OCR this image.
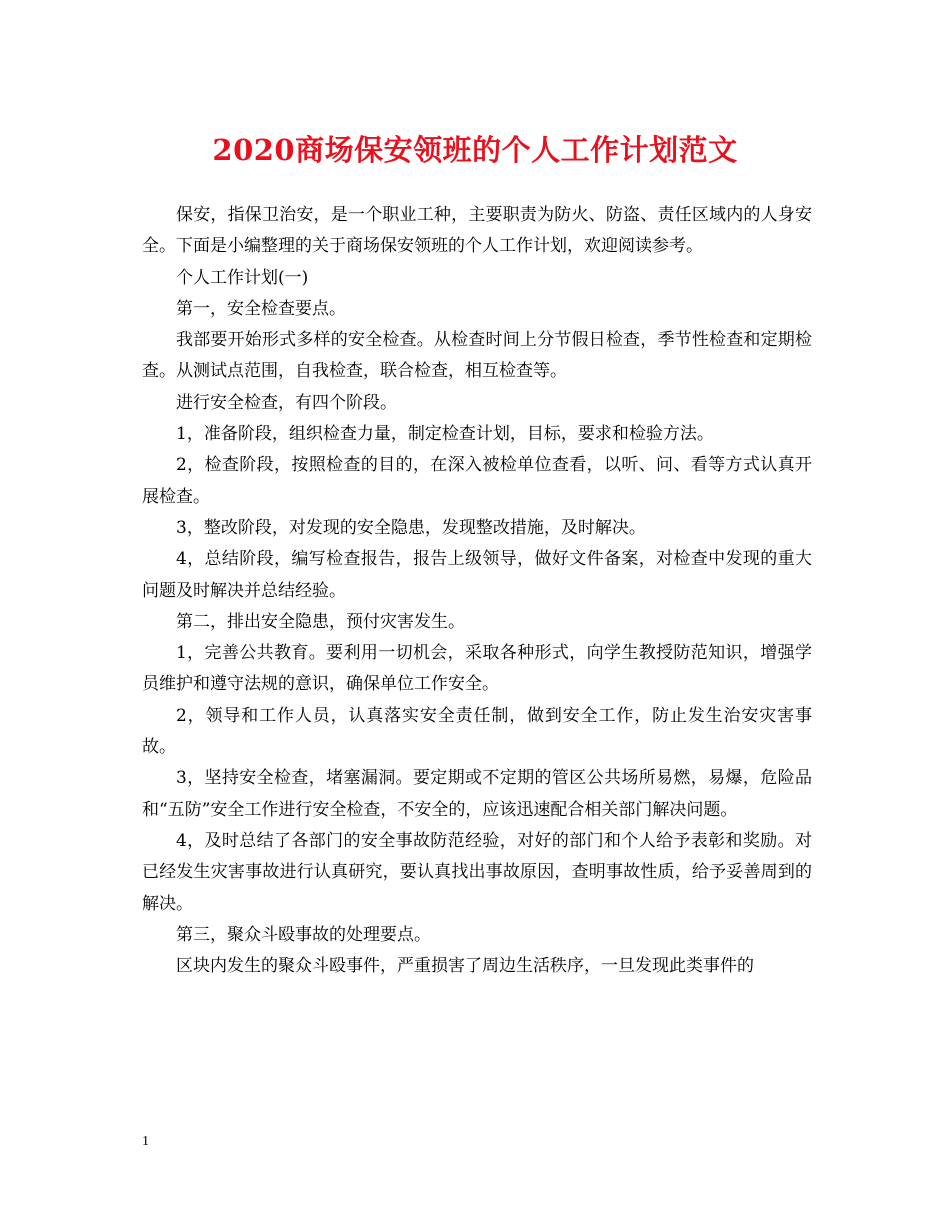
2020商场保安领班的个人工作计划范文

保安，指保卫治安，是一个职业工种，主要职责为防火、防盗、责任区域内的人身安全。下面是小编整理的关于商场保安领班的个人工作计划，欢迎阅读参考。

个人工作计划(一)

第一，安全检查要点。

我部要开始形式多样的安全检查。从检查时间上分节假日检查，季节性检查和定期检查。从测试点范围，自我检查，联合检查，相互检查等。

进行安全检查，有四个阶段。

1，准备阶段，组织检查力量，制定检查计划，目标，要求和检验方法。

2，检查阶段，按照检查的目的，在深入被检单位查看，以听、问、看等方式认真开展检查。

3，整改阶段，对发现的安全隐患，发现整改措施，及时解决。

4，总结阶段，编写检查报告，报告上级领导，做好文件备案，对检查中发现的重大问题及时解决并总结经验。

第二，排出安全隐患，预付灾害发生。

1，完善公共教育。要利用一切机会，采取各种形式，向学生教授防范知识，增强学员维护和遵守法规的意识，确保单位工作安全。

2，领导和工作人员，认真落实安全责任制，做到安全工作，防止发生治安灾害事故。

3，坚持安全检查，堵塞漏洞。要定期或不定期的管区公共场所易燃，易爆，危险品和“五防”安全工作进行安全检查，不安全的，应该迅速配合相关部门解决问题。

4，及时总结了各部门的安全事故防范经验，对好的部门和个人给予表彰和奖励。对已经发生灾害事故进行认真研究，要认真找出事故原因，查明事故性质，给予妥善周到的解决。

第三，聚众斗殴事故的处理要点。

区块内发生的聚众斗殴事件，严重损害了周边生活秩序，一旦发现此类事件的

1
